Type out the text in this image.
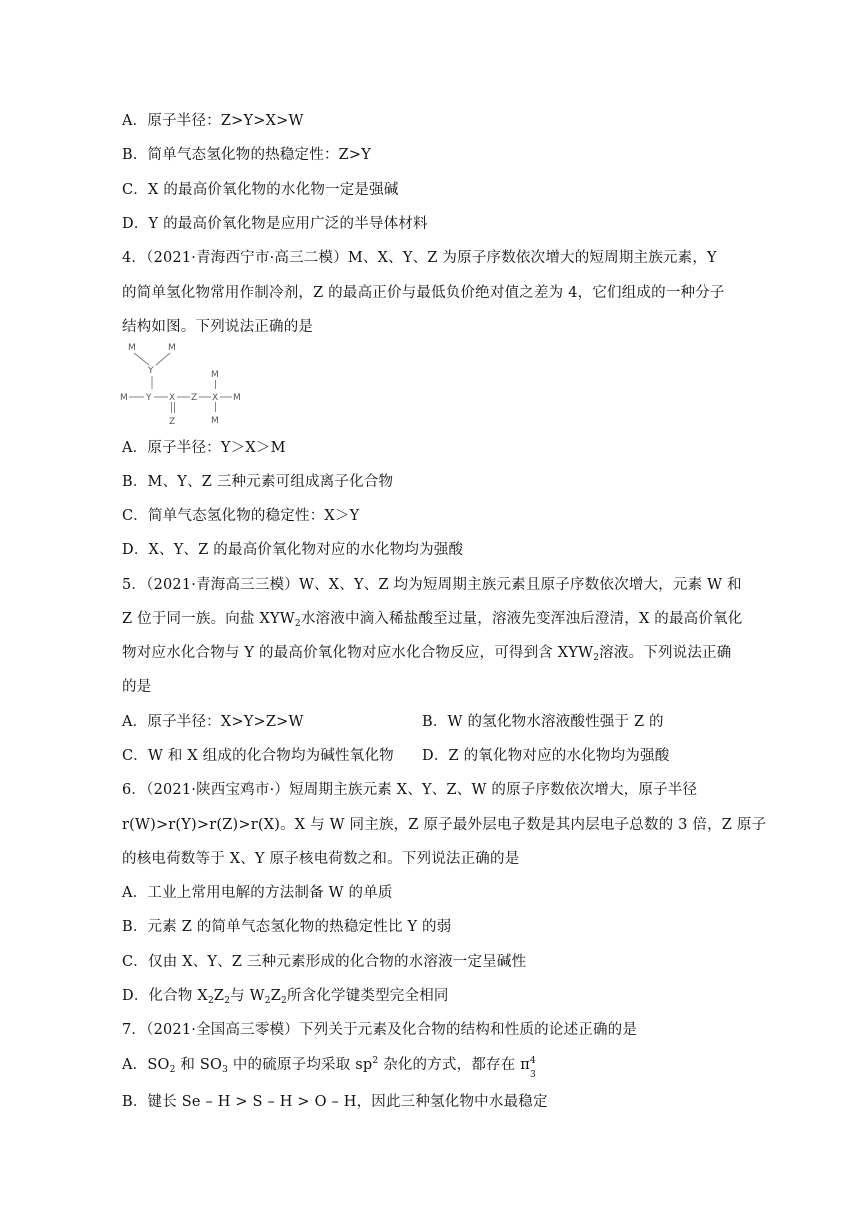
A．原子半径：Z>Y>X>W
B．简单气态氢化物的热稳定性：Z>Y
C．X 的最高价氧化物的水化物一定是强碱
D．Y 的最高价氧化物是应用广泛的半导体材料
4．（2021·青海西宁市·高三二模）M、X、Y、Z 为原子序数依次增大的短周期主族元素，Y
的简单氢化物常用作制冷剂，Z 的最高正价与最低负价绝对值之差为 4，它们组成的一种分子
结构如图。下列说法正确的是
M	M
Y
M Y X Z X M
M
M
Z
A．原子半径：Y＞X＞M
B．M、Y、Z 三种元素可组成离子化合物
C．简单气态氢化物的稳定性：X＞Y
D．X、Y、Z 的最高价氧化物对应的水化物均为强酸
5．（2021·青海高三三模）W、X、Y、Z 均为短周期主族元素且原子序数依次增大，元素 W 和
Z 位于同一族。向盐 $XYW_2$水溶液中滴入稀盐酸至过量，溶液先变浑浊后澄清，X 的最高价氧化
物对应水化合物与 Y 的最高价氧化物对应水化合物反应，可得到含 $XYW_2$溶液。下列说法正确
的是
A．原子半径：X>Y>Z>W	B．W 的氢化物水溶液酸性强于 Z 的
C．W 和 X 组成的化合物均为碱性氧化物 D．Z 的氧化物对应的水化物均为强酸
6．（2021·陕西宝鸡市·）短周期主族元素 X、Y、Z、W 的原子序数依次增大，原子半径
r(W)>r(Y)>r(Z)>r(X)。X 与 W 同主族，Z 原子最外层电子数是其内层电子总数的 3 倍，Z 原子
的核电荷数等于 X、Y 原子核电荷数之和。下列说法正确的是
A．工业上常用电解的方法制备 W 的单质
B．元素 Z 的简单气态氢化物的热稳定性比 Y 的弱
C．仅由 X、Y、Z 三种元素形成的化合物的水溶液一定呈碱性
D．化合物 $X_2Z_2$与 $W_2Z_2$所含化学键类型完全相同
7．（2021·全国高三零模）下列关于元素及化合物的结构和性质的论述正确的是
A．$SO_2$ 和 $SO_3$ 中的硫原子均采取 $sp^2$ 杂化的方式，都存在 π 4
3
B．键长 Se – H > S – H > O – H，因此三种氢化物中水最稳定
